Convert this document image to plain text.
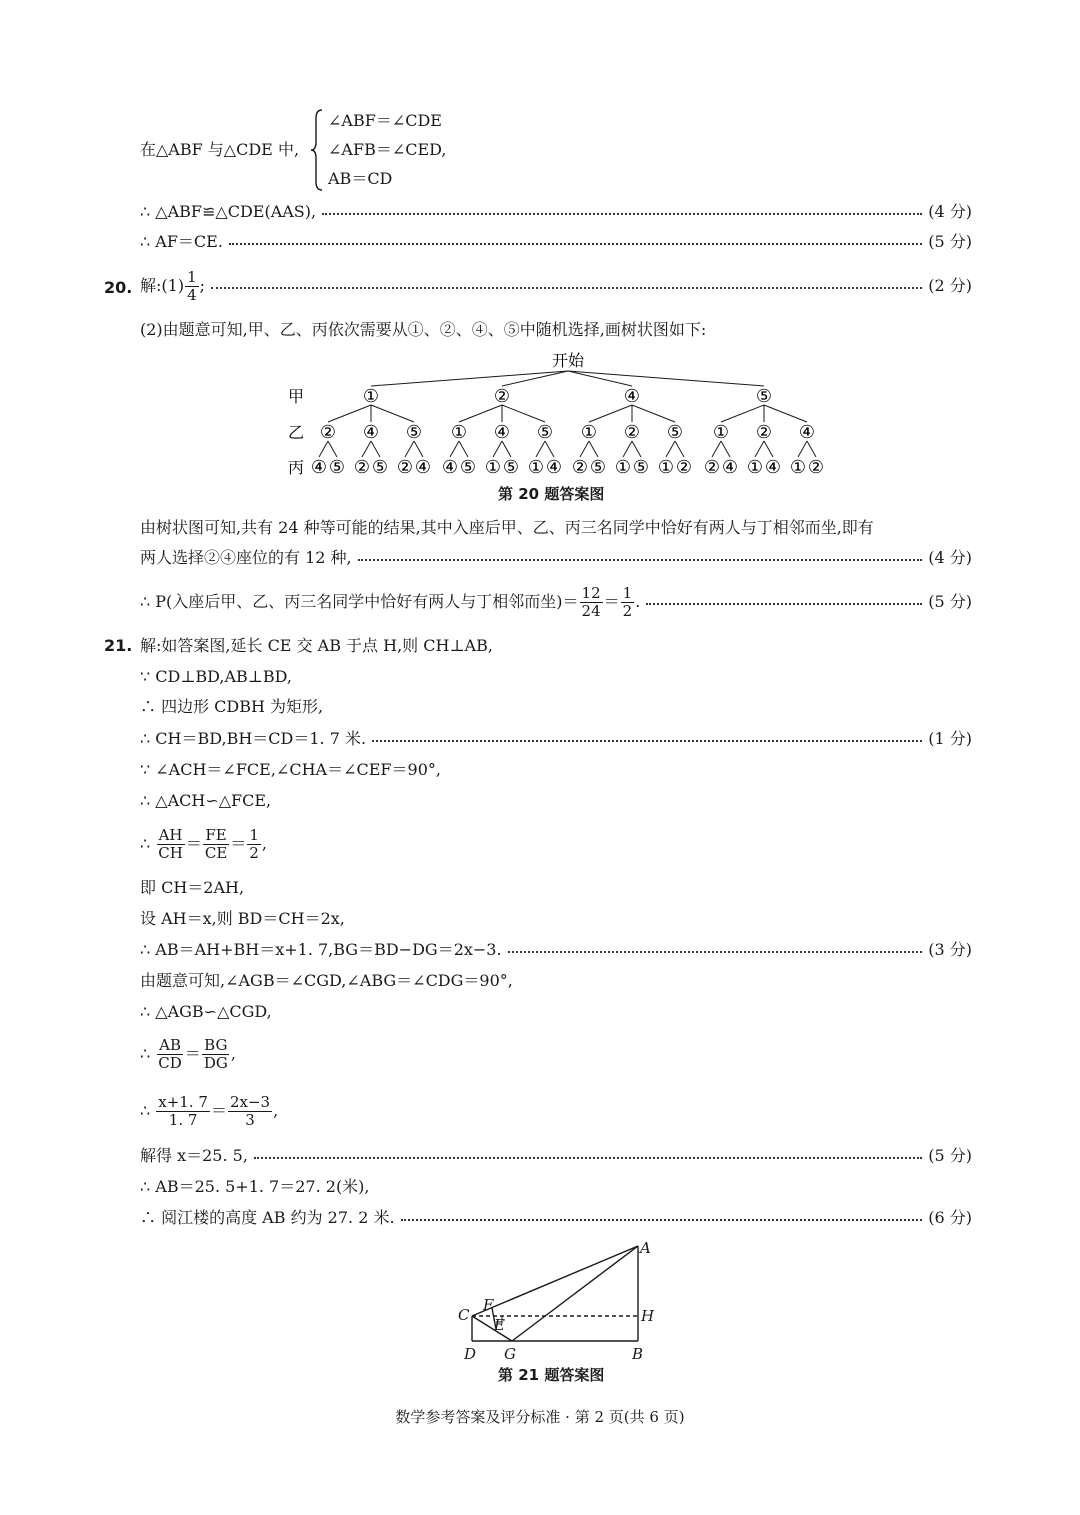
在△ABF 与△CDE 中,
∠ABF＝∠CDE
∠AFB＝∠CED,
AB＝CD
∴ △ABF≌△CDE(AAS),	(4 分)
∴ AF＝CE.	(5 分)
20. 解:(1) $\frac{1}{4}$ ;	(2 分)
(2)由题意可知,甲、乙、丙依次需要从①、②、④、⑤中随机选择,画树状图如下:
开始
甲
乙
丙
①
②
④ ⑤
④
② ⑤
⑤
② ④
②
①
④ ⑤
④
① ⑤
⑤
① ④
④
①
② ⑤
②
① ⑤
⑤
① ②
⑤
①
② ④
②
① ④
④
① ②
第 20 题答案图
由树状图可知,共有 24 种等可能的结果,其中入座后甲、乙、丙三名同学中恰好有两人与丁相邻而坐,即有
两人选择②④座位的有 12 种,	(4 分)
∴ P(入座后甲、乙、丙三名同学中恰好有两人与丁相邻而坐)＝ $\frac{12}{24} = \frac{1}{2}$ .	(5 分)
21. 解:如答案图,延长 CE 交 AB 于点 H,则 CH⊥AB,
∵ CD⊥BD,AB⊥BD,
∴ 四边形 CDBH 为矩形,
∴ CH＝BD,BH＝CD＝1. 7 米.	(1 分)
∵ ∠ACH＝∠FCE,∠CHA＝∠CEF＝90°,
∴ △ACH∽△FCE,
∴ $\frac{AH}{CH} = \frac{FE}{CE} = \frac{1}{2}$ ,
即 CH＝2AH,
设 AH＝x,则 BD＝CH＝2x,
∴ AB＝AH+BH＝x+1. 7,BG＝BD−DG＝2x−3.	(3 分)
由题意可知,∠AGB＝∠CGD,∠ABG＝∠CDG＝90°,
∴ △AGB∽△CGD,
∴ $\frac{AB}{CD} = \frac{BG}{DG}$ ,
∴ $\frac{x+1. 7}{1. 7} = \frac{2x-3}{3}$ ,
解得 x＝25. 5,	(5 分)
∴ AB＝25. 5+1. 7＝27. 2(米),
∴ 阅江楼的高度 AB 约为 27. 2 米.	(6 分)
A
F
C
E	H
D G	B
第 21 题答案图
数学参考答案及评分标准 · 第 2 页(共 6 页)
